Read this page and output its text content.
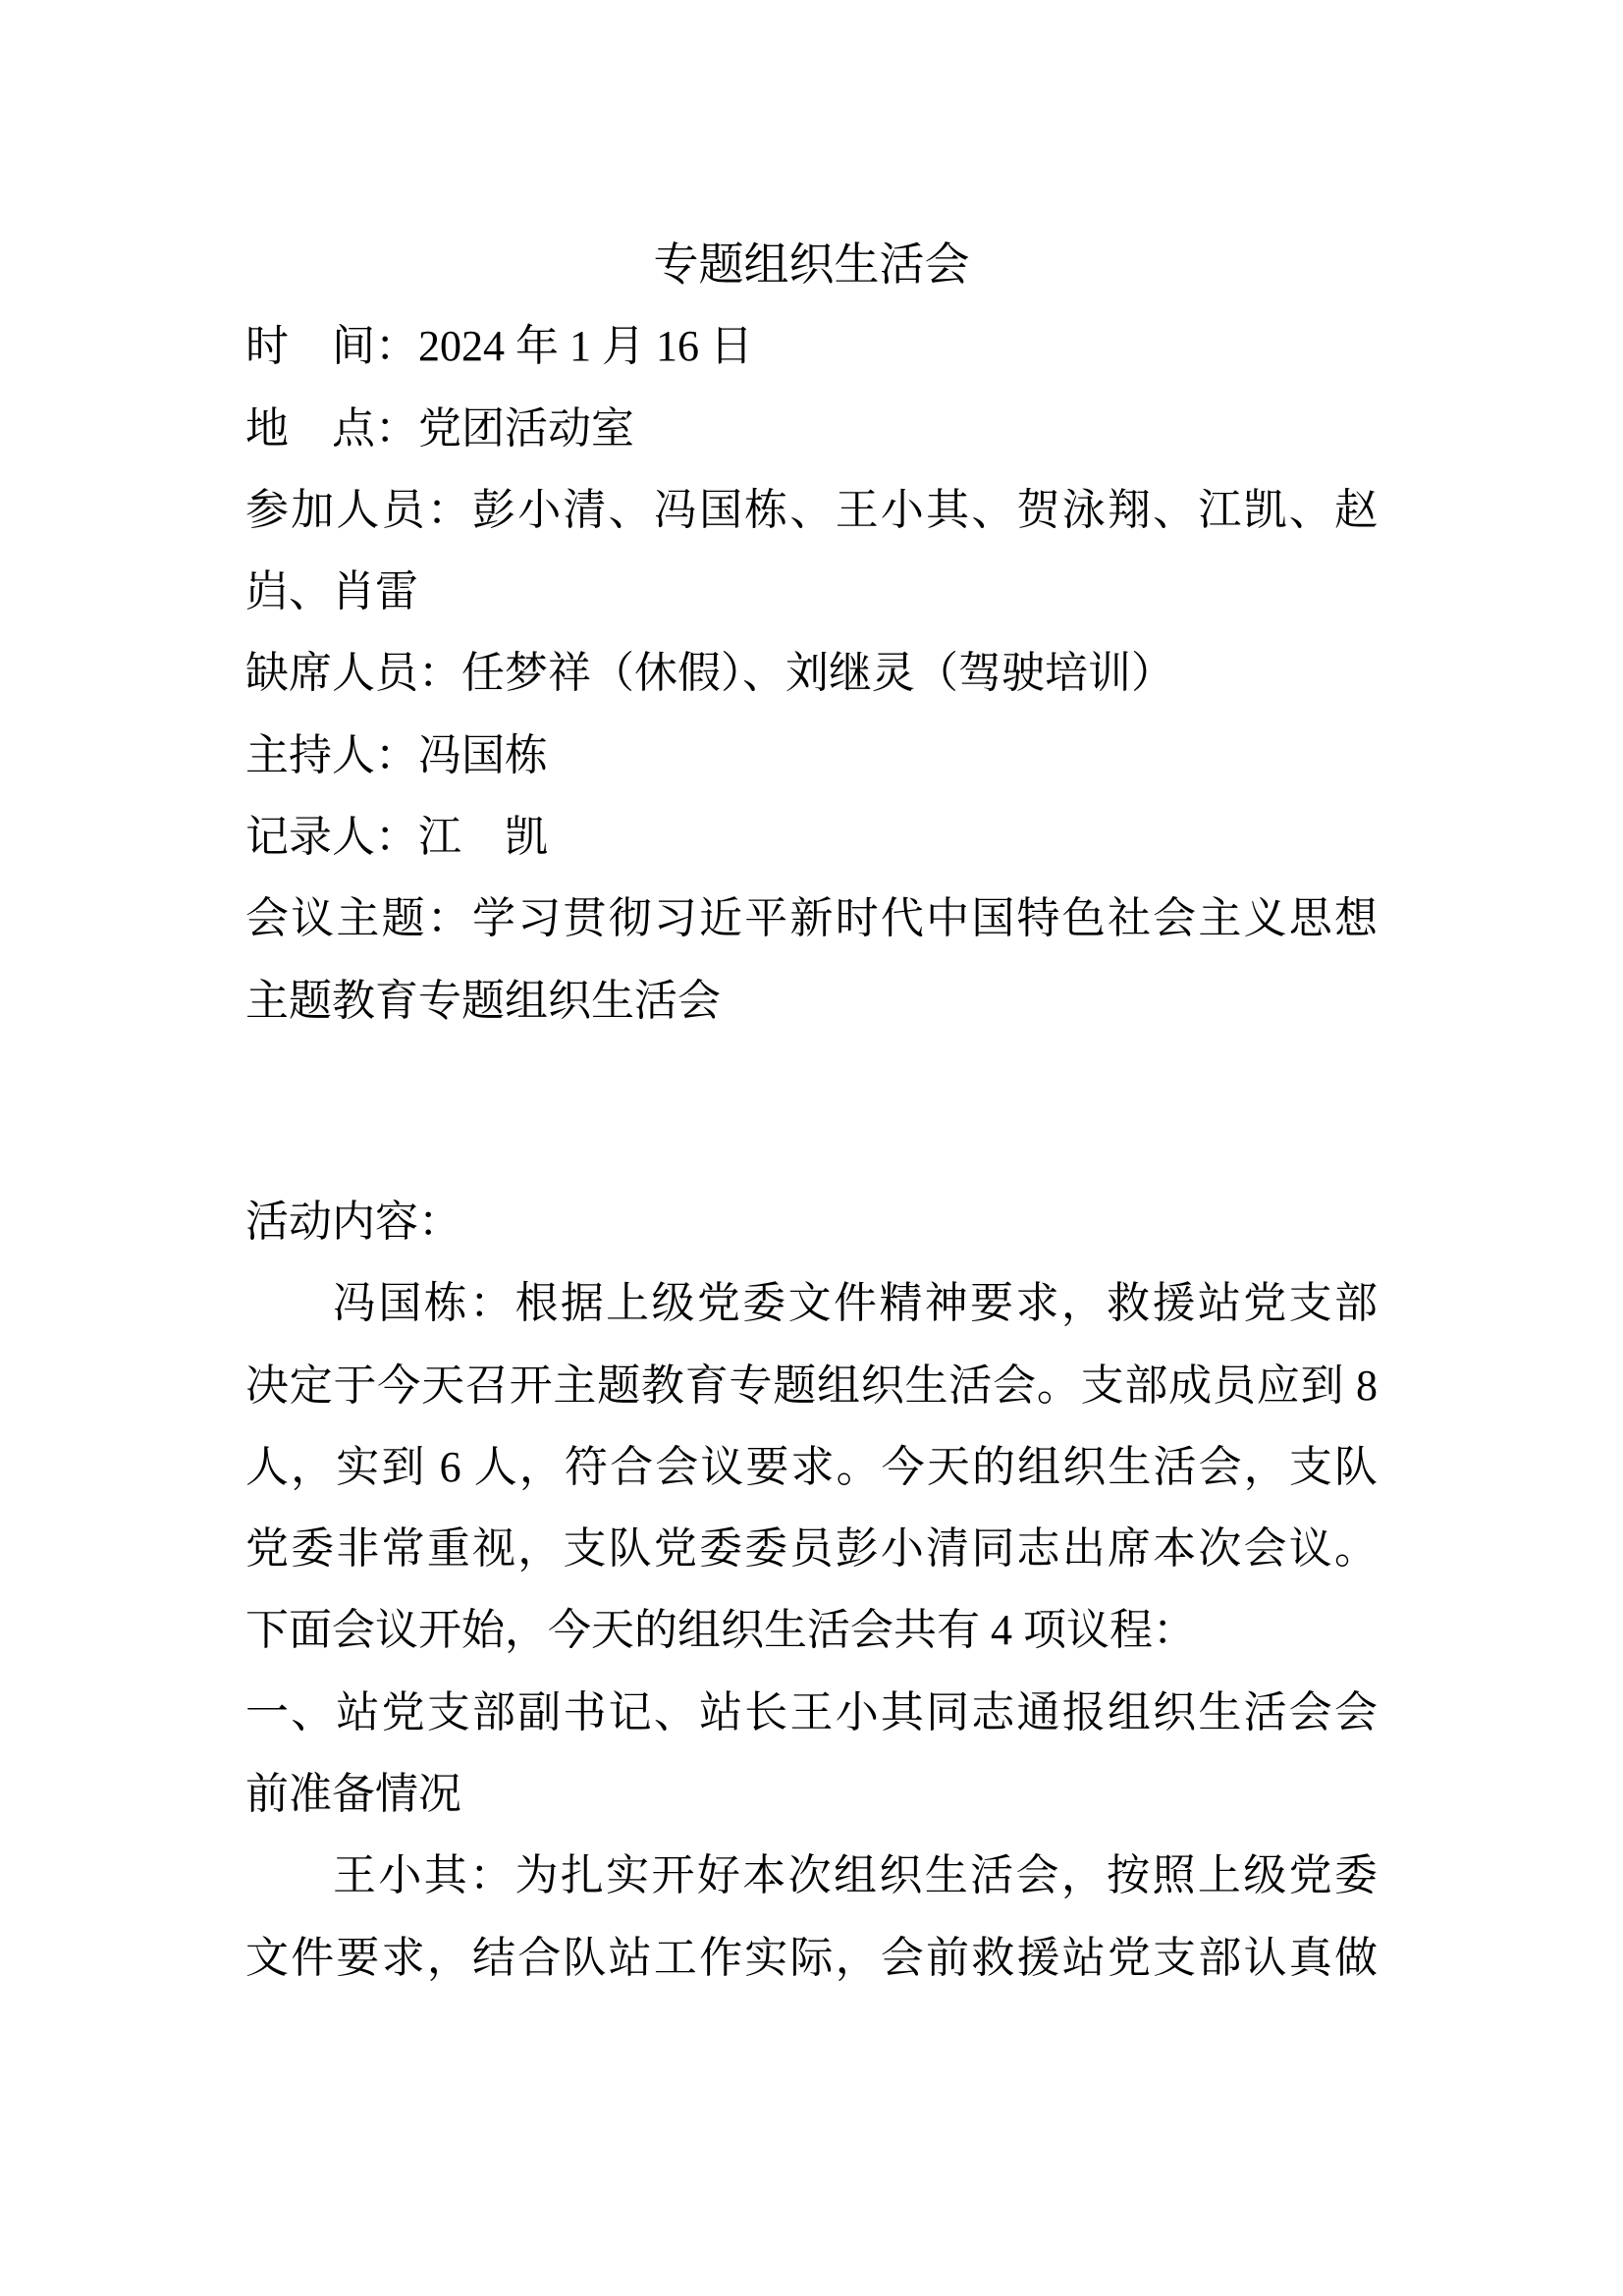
专题组织生活会
时　间：2024 年 1 月 16 日
地　点：党团活动室
参加人员：彭小清、冯国栋、王小其、贺泳翔、江凯、赵
岿、肖雷
缺席人员：任梦祥（休假）、刘继灵（驾驶培训）
主持人：冯国栋
记录人：江　凯
会议主题：学习贯彻习近平新时代中国特色社会主义思想
主题教育专题组织生活会
活动内容：
冯国栋：根据上级党委文件精神要求，救援站党支部
决定于今天召开主题教育专题组织生活会。支部成员应到 8
人，实到 6 人，符合会议要求。今天的组织生活会，支队
党委非常重视，支队党委委员彭小清同志出席本次会议。
下面会议开始，今天的组织生活会共有 4 项议程：
一、站党支部副书记、站长王小其同志通报组织生活会会
前准备情况
王小其：为扎实开好本次组织生活会，按照上级党委
文件要求，结合队站工作实际，会前救援站党支部认真做
